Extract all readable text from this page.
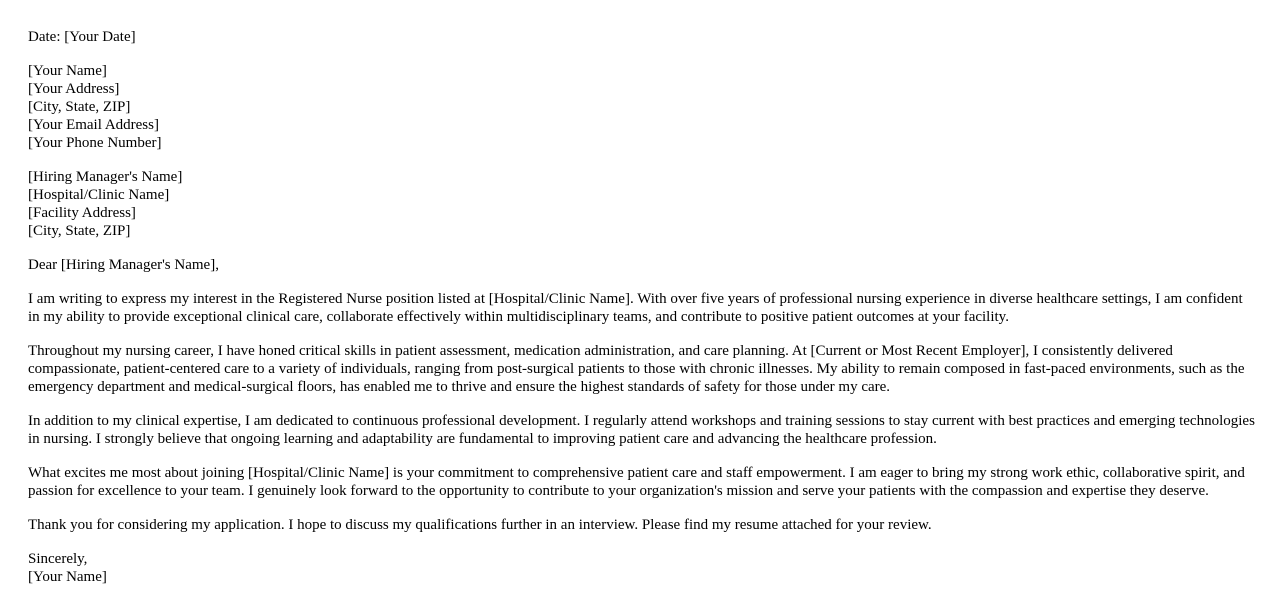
Date: [Your Date]

[Your Name]
[Your Address]
[City, State, ZIP]
[Your Email Address]
[Your Phone Number]
[Hiring Manager's Name]
[Hospital/Clinic Name]
[Facility Address]
[City, State, ZIP]

Dear [Hiring Manager's Name],

I am writing to express my interest in the Registered Nurse position listed at [Hospital/Clinic Name]. With over five years of professional nursing experience in diverse healthcare settings, I am confident in my ability to provide exceptional clinical care, collaborate effectively within multidisciplinary teams, and contribute to positive patient outcomes at your facility.

Throughout my nursing career, I have honed critical skills in patient assessment, medication administration, and care planning. At [Current or Most Recent Employer], I consistently delivered compassionate, patient-centered care to a variety of individuals, ranging from post-surgical patients to those with chronic illnesses. My ability to remain composed in fast-paced environments, such as the emergency department and medical-surgical floors, has enabled me to thrive and ensure the highest standards of safety for those under my care.

In addition to my clinical expertise, I am dedicated to continuous professional development. I regularly attend workshops and training sessions to stay current with best practices and emerging technologies in nursing. I strongly believe that ongoing learning and adaptability are fundamental to improving patient care and advancing the healthcare profession.

What excites me most about joining [Hospital/Clinic Name] is your commitment to comprehensive patient care and staff empowerment. I am eager to bring my strong work ethic, collaborative spirit, and passion for excellence to your team. I genuinely look forward to the opportunity to contribute to your organization's mission and serve your patients with the compassion and expertise they deserve.

Thank you for considering my application. I hope to discuss my qualifications further in an interview. Please find my resume attached for your review.

Sincerely,
[Your Name]
